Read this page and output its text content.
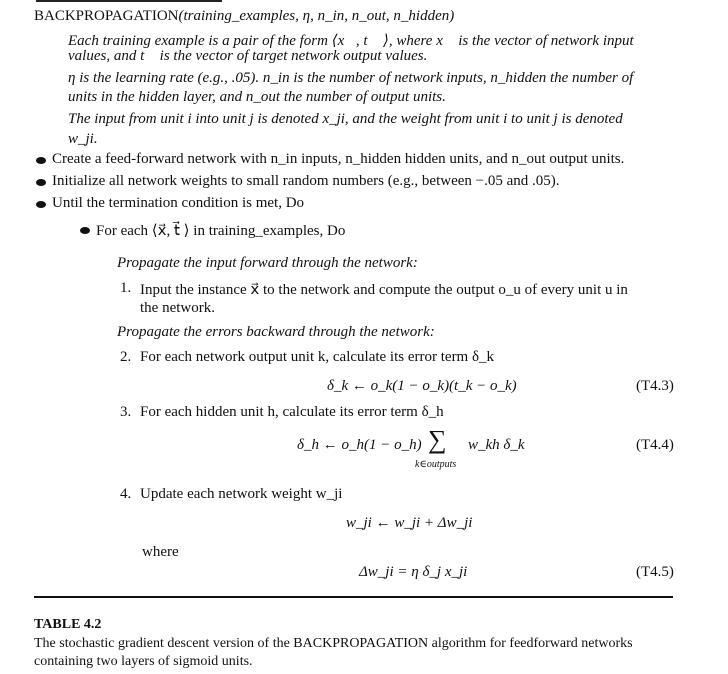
BACKPROPAGATION(training_examples, η, n_in, n_out, n_hidden)
Each training example is a pair of the form ⟨x⃗, t⃗ ⟩, where x⃗ is the vector of network input
values, and t⃗ is the vector of target network output values.
η is the learning rate (e.g., .05). n_in is the number of network inputs, n_hidden the number of
units in the hidden layer, and n_out the number of output units.
The input from unit i into unit j is denoted x_ji, and the weight from unit i to unit j is denoted
w_ji.
Create a feed-forward network with n_in inputs, n_hidden hidden units, and n_out output units.
Initialize all network weights to small random numbers (e.g., between −.05 and .05).
Until the termination condition is met, Do
For each ⟨x⃗, t⃗ ⟩ in training_examples, Do
Propagate the input forward through the network:
1. Input the instance x⃗ to the network and compute the output o_u of every unit u in
the network.
Propagate the errors backward through the network:
2. For each network output unit k, calculate its error term δ_k
δ_k ← o_k(1 − o_k)(t_k − o_k)	(T4.3)
3. For each hidden unit h, calculate its error term δ_h
δ_h ← o_h(1 − o_h) ∑
k∈outputs
w_kh δ_k	(T4.4)
4. Update each network weight w_ji
w_ji ← w_ji + Δw_ji
where
Δw_ji = η δ_j x_ji	(T4.5)
TABLE 4.2
The stochastic gradient descent version of the BACKPROPAGATION algorithm for feedforward networks
containing two layers of sigmoid units.
